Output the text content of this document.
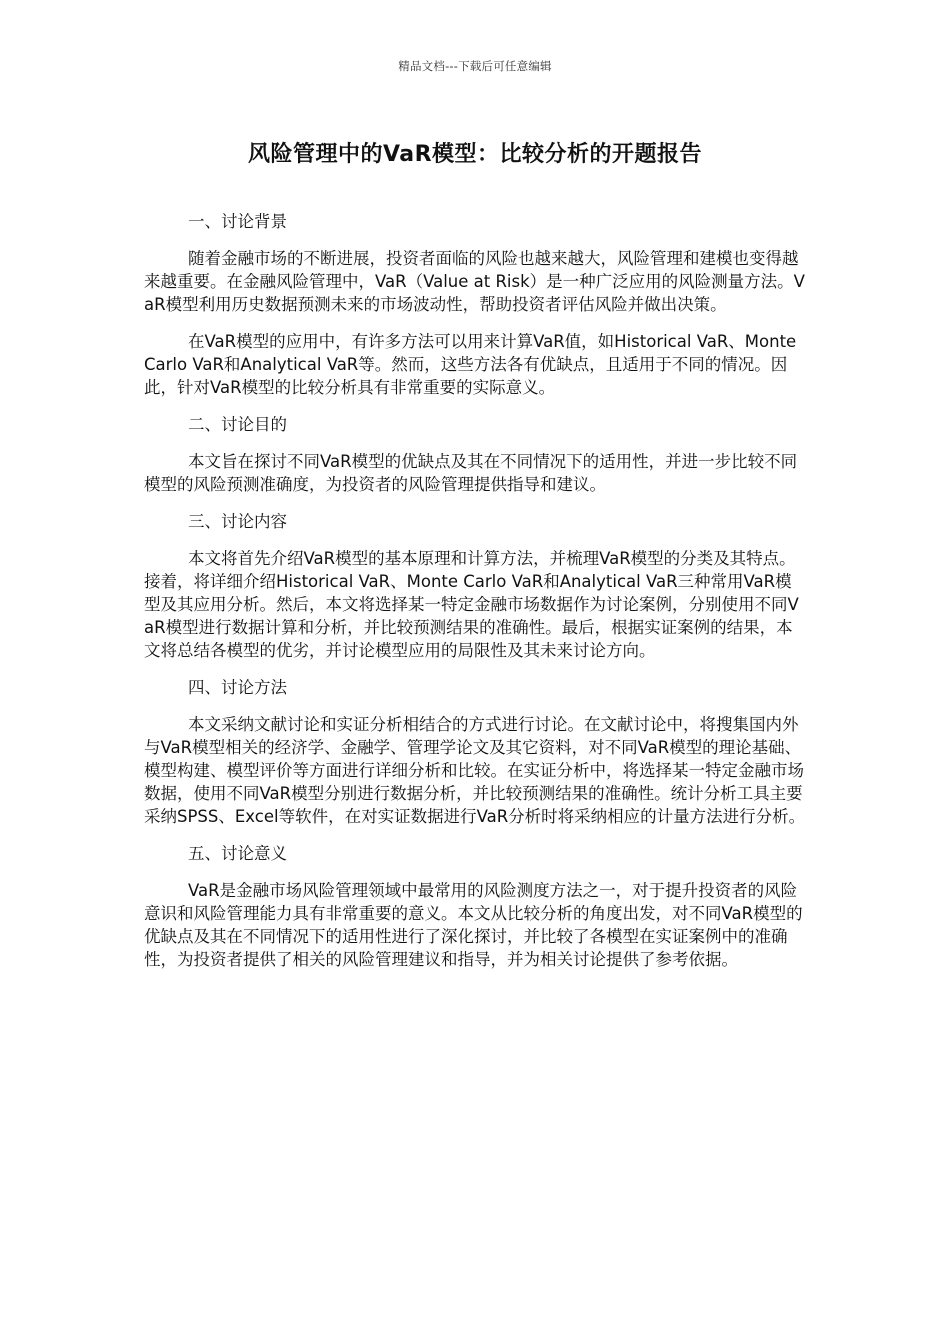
精品文档---下载后可任意编辑
风险管理中的VaR模型：比较分析的开题报告

一、讨论背景

随着金融市场的不断进展，投资者面临的风险也越来越大，风险管理和建模也变得越来越重要。在金融风险管理中，VaR（Value at Risk）是一种广泛应用的风险测量方法。VaR模型利用历史数据预测未来的市场波动性，帮助投资者评估风险并做出决策。

在VaR模型的应用中，有许多方法可以用来计算VaR值，如Historical VaR、Monte Carlo VaR和Analytical VaR等。然而，这些方法各有优缺点，且适用于不同的情况。因此，针对VaR模型的比较分析具有非常重要的实际意义。

二、讨论目的

本文旨在探讨不同VaR模型的优缺点及其在不同情况下的适用性，并进一步比较不同模型的风险预测准确度，为投资者的风险管理提供指导和建议。

三、讨论内容

本文将首先介绍VaR模型的基本原理和计算方法，并梳理VaR模型的分类及其特点。接着，将详细介绍Historical VaR、Monte Carlo VaR和Analytical VaR三种常用VaR模型及其应用分析。然后，本文将选择某一特定金融市场数据作为讨论案例，分别使用不同VaR模型进行数据计算和分析，并比较预测结果的准确性。最后，根据实证案例的结果，本文将总结各模型的优劣，并讨论模型应用的局限性及其未来讨论方向。

四、讨论方法

本文采纳文献讨论和实证分析相结合的方式进行讨论。在文献讨论中，将搜集国内外与VaR模型相关的经济学、金融学、管理学论文及其它资料，对不同VaR模型的理论基础、模型构建、模型评价等方面进行详细分析和比较。在实证分析中，将选择某一特定金融市场数据，使用不同VaR模型分别进行数据分析，并比较预测结果的准确性。统计分析工具主要采纳SPSS、Excel等软件，在对实证数据进行VaR分析时将采纳相应的计量方法进行分析。

五、讨论意义

VaR是金融市场风险管理领域中最常用的风险测度方法之一，对于提升投资者的风险意识和风险管理能力具有非常重要的意义。本文从比较分析的角度出发，对不同VaR模型的优缺点及其在不同情况下的适用性进行了深化探讨，并比较了各模型在实证案例中的准确性，为投资者提供了相关的风险管理建议和指导，并为相关讨论提供了参考依据。
